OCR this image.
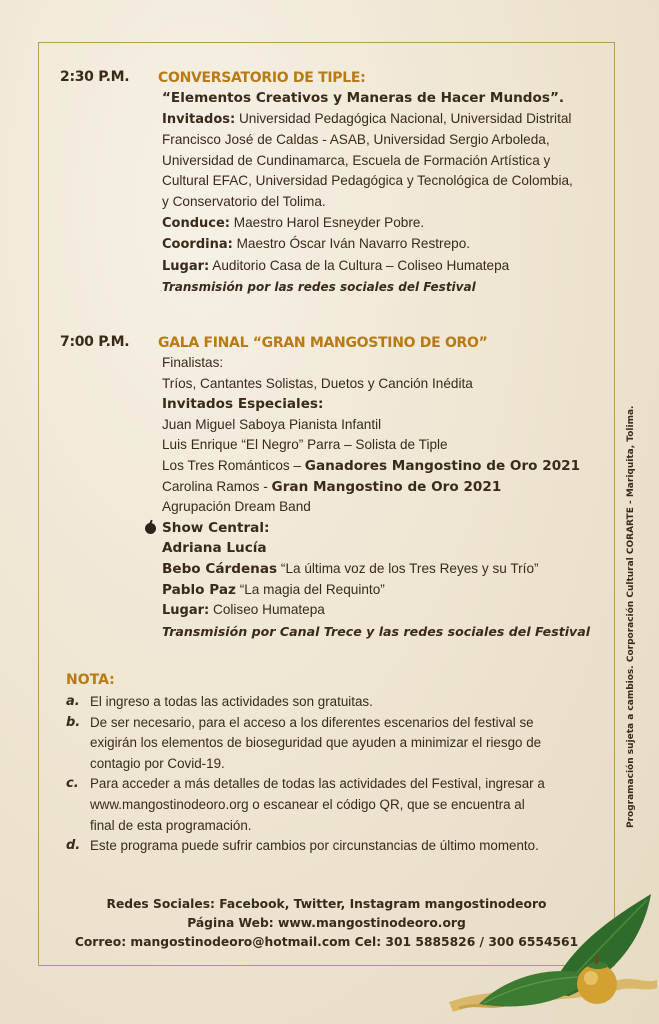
2:30 P.M. CONVERSATORIO DE TIPLE:
“Elementos Creativos y Maneras de Hacer Mundos”.
Invitados: Universidad Pedagógica Nacional, Universidad Distrital
Francisco José de Caldas - ASAB, Universidad Sergio Arboleda,
Universidad de Cundinamarca, Escuela de Formación Artística y
Cultural EFAC, Universidad Pedagógica y Tecnológica de Colombia,
y Conservatorio del Tolima.
Conduce: Maestro Harol Esneyder Pobre.
Coordina: Maestro Óscar Iván Navarro Restrepo.
Lugar: Auditorio Casa de la Cultura – Coliseo Humatepa
Transmisión por las redes sociales del Festival
7:00 P.M. GALA FINAL “GRAN MANGOSTINO DE ORO”
Finalistas:
Tríos, Cantantes Solistas, Duetos y Canción Inédita
Invitados Especiales:
Juan Miguel Saboya Pianista Infantil
Luis Enrique “El Negro” Parra – Solista de Tiple
Los Tres Románticos – Ganadores Mangostino de Oro 2021
Carolina Ramos - Gran Mangostino de Oro 2021
Agrupación Dream Band
Show Central:
Adriana Lucía
Bebo Cárdenas “La última voz de los Tres Reyes y su Trío”
Pablo Paz “La magia del Requinto”
Lugar: Coliseo Humatepa
Transmisión por Canal Trece y las redes sociales del Festival
NOTA:
a. El ingreso a todas las actividades son gratuitas.
b. De ser necesario, para el acceso a los diferentes escenarios del festival se
exigirán los elementos de bioseguridad que ayuden a minimizar el riesgo de
contagio por Covid-19.
c. Para acceder a más detalles de todas las actividades del Festival, ingresar a
www.mangostinodeoro.org o escanear el código QR, que se encuentra al
final de esta programación.
d. Este programa puede sufrir cambios por circunstancias de último momento.
Redes Sociales: Facebook, Twitter, Instagram mangostinodeoro
Página Web: www.mangostinodeoro.org
Correo: mangostinodeoro@hotmail.com Cel: 301 5885826 / 300 6554561
Programación sujeta a cambios. Corporación Cultural CORARTE - Mariquita, Tolima.
